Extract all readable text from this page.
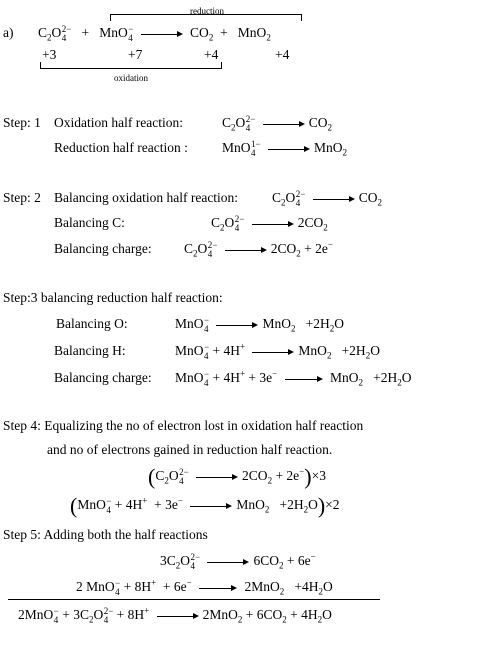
reduction
a) $C_2O$ 2−
4 +   MnO −
4	$CO_2 + MnO_2$
+3	+7	+4	+4
oxidation
Step: 1 Oxidation half reaction:	$C_2O$ 2−
4	$CO_2$
Reduction half reaction :	MnO 1−
4	MnO$_2$
Step: 2 Balancing oxidation half reaction:	$C_2O$ 2−
4	$CO_2$
Balancing C:	$C_2O$ 2−
4	$2CO_2$
Balancing charge: $C_2O$ 2−
4	$2CO_2 + 2e^-$
Step:3 balancing reduction half reaction:
Balancing O:	MnO −
4	$MnO_2 +2H_2O$
Balancing H:	MnO −
4 + 4H+	$MnO_2 +2H_2O$
Balancing charge: MnO −
4 + 4H+ + 3e−	$MnO_2 +2H_2O$
Step 4: Equalizing the no of electron lost in oxidation half reaction
and no of electrons gained in reduction half reaction.
($C_2O$ 2−
4	$2CO_2 + 2e^-)\times 3$
(MnO −
4 + 4H+  + 3e−	$MnO_2 +2H_2O)\times 2$
Step 5: Adding both the half reactions
$3C_2O$ 2−
4	$6CO_2 + 6e^-$
2 MnO −
4 + 8H+  + 6e−	$2MnO_2 +4H_2O$
2MnO −
$4 + 3C_2O$ 2−
4 + 8H+	$2MnO_2 + 6CO_2 + 4H_2O$
